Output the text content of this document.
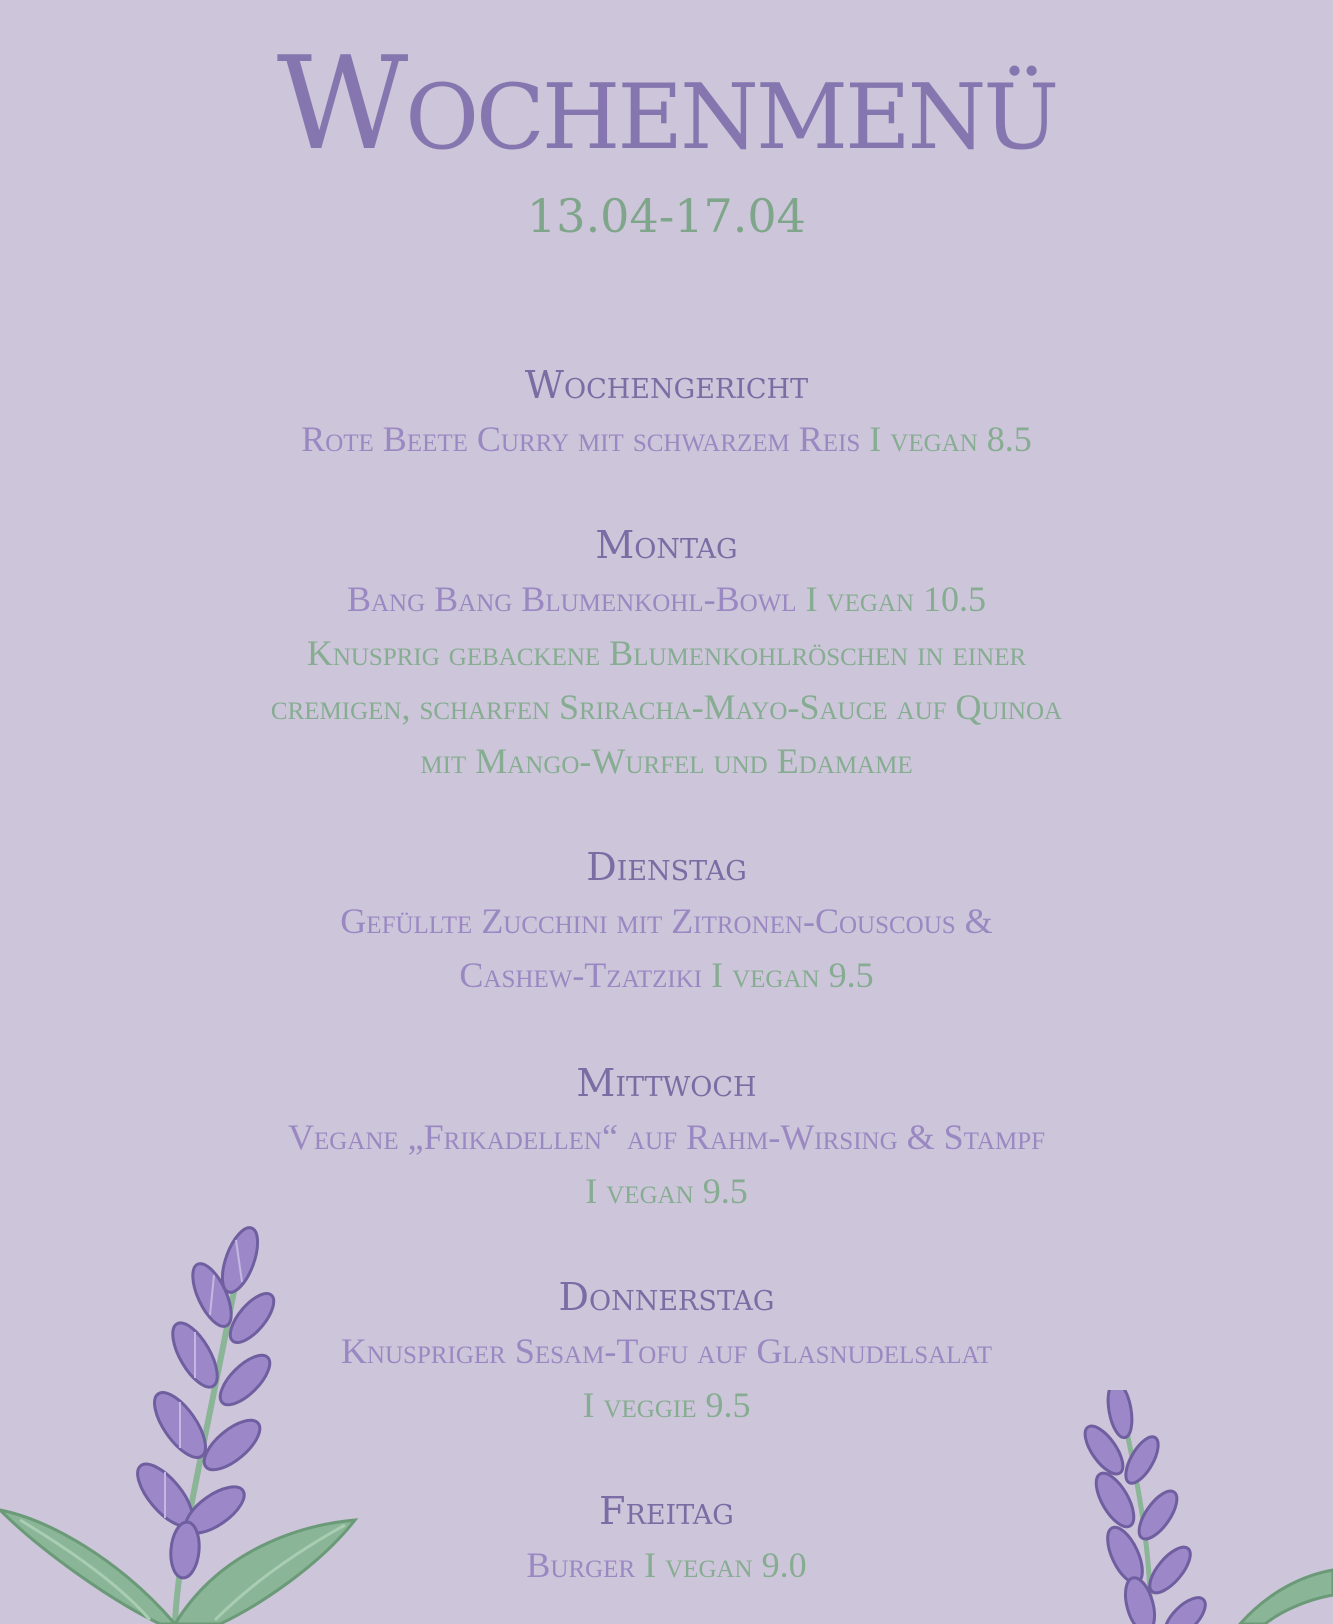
Wochenmenü
13.04-17.04
Wochengericht
Rote Beete Curry mit schwarzem Reis I vegan 8.5
Montag
Bang Bang Blumenkohl-Bowl I vegan 10.5
Knusprig gebackene Blumenkohlröschen in einer
cremigen, scharfen Sriracha-Mayo-Sauce auf Quinoa
mit Mango-Wurfel und Edamame
Dienstag
Gefüllte Zucchini mit Zitronen-Couscous &
Cashew-Tzatziki I vegan 9.5
Mittwoch
Vegane „Frikadellen“ auf Rahm-Wirsing & Stampf
I vegan 9.5
Donnerstag
Knuspriger Sesam-Tofu auf Glasnudelsalat
I veggie 9.5
Freitag
Burger I vegan 9.0
